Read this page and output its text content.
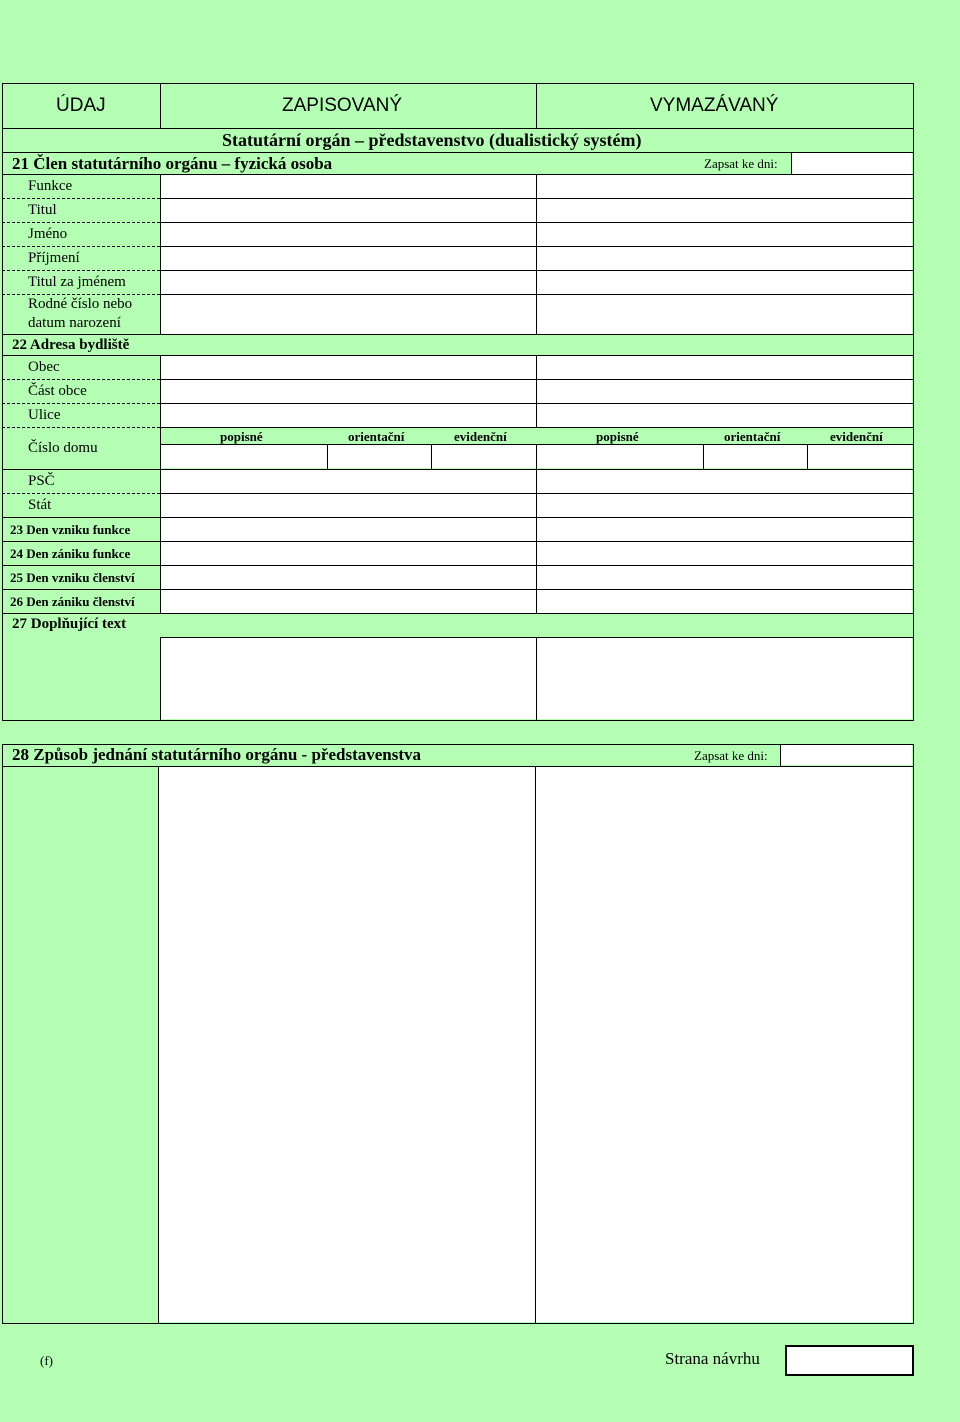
ÚDAJ	ZAPISOVANÝ	VYMAZÁVANÝ
Statutární orgán – představenstvo (dualistický systém)
21 Člen statutárního orgánu – fyzická osoba	Zapsat ke dni:
Funkce
Titul
Jméno
Příjmení
Titul za jménem
Rodné číslo nebo
datum narození
22 Adresa bydliště
Obec
Část obce
Ulice
Číslo domu
popisné	orientační	evidenční	popisné	orientační	evidenční
PSČ
Stát
23 Den vzniku funkce
24 Den zániku funkce
25 Den vzniku členství
26 Den zániku členství
27 Doplňující text
28 Způsob jednání statutárního orgánu - představenstva	Zapsat ke dni:
(f)	Strana návrhu
